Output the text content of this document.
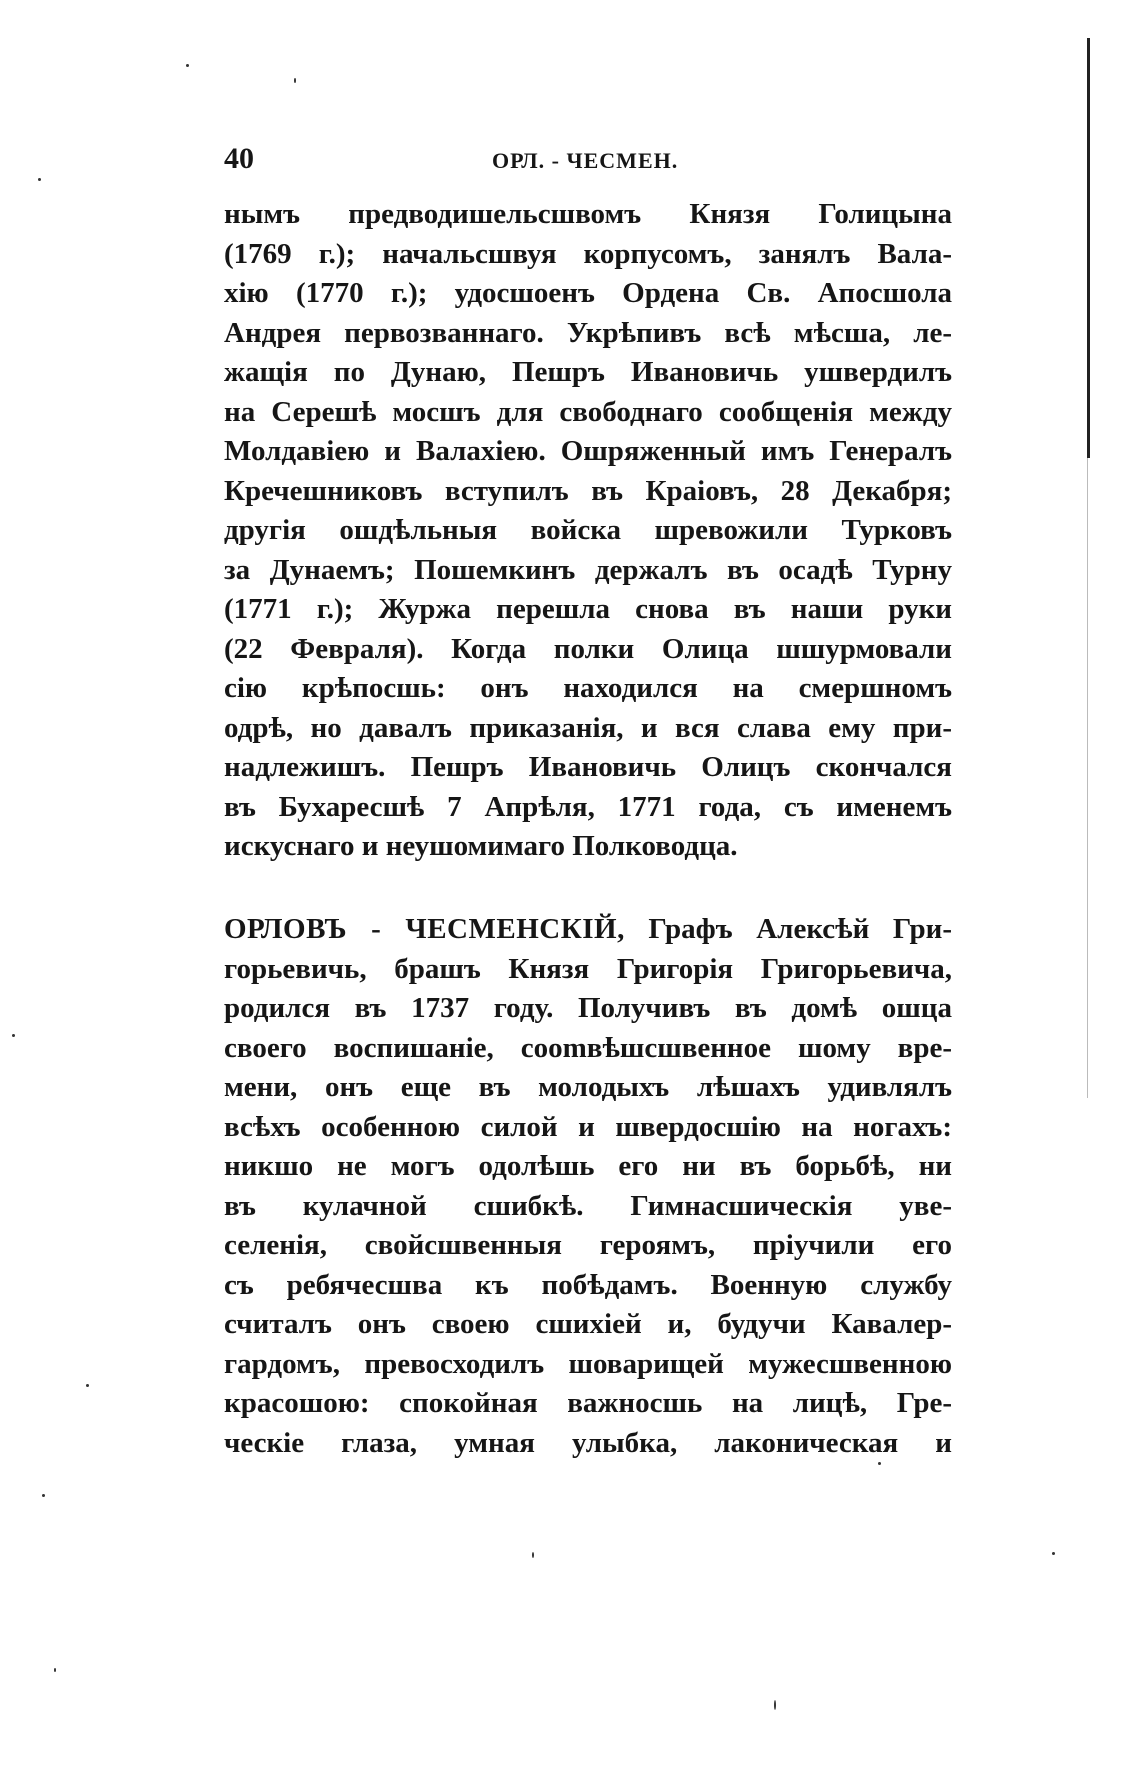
40	ОРЛ. - ЧЕСМЕН.
нымъ предводишельсшвомъ Князя Голицына
(1769 г.); начальсшвуя корпусомъ, занялъ Вала-
хію (1770 г.); удосшоенъ Ордена Св. Апосшола
Андрея первозваннаго. Укрѣпивъ всѣ мѣсша, ле-
жащія по Дунаю, Пешръ Ивановичь ушвердилъ
на Серешѣ мосшъ для свободнаго сообщенія между
Молдавіею и Валахіею. Ошряженный имъ Генералъ
Кречешниковъ вступилъ въ Краіовъ, 28 Декабря;
другія ошдѣльныя войска шревожили Турковъ
за Дунаемъ; Пошемкинъ держалъ въ осадѣ Турну
(1771 г.); Журжа перешла снова въ наши руки
(22 Февраля). Когда полки Олица шшурмовали
сію крѣпосшь: онъ находился на смершномъ
одрѣ, но давалъ приказанія, и вся слава ему при-
надлежишъ. Пешръ Ивановичь Олицъ скончался
въ Бухаресшѣ 7 Апрѣля, 1771 года, съ именемъ
искуснаго и неушомимаго Полководца.
ОРЛОВЪ - ЧЕСМЕНСКІЙ, Графъ Алексѣй Гри-
горьевичь, брашъ Князя Григорія Григорьевича,
родился въ 1737 году. Получивъ въ домѣ ошца
своего воспишаніе, сооmвѣшсшвенное шому вре-
мени, онъ еще въ молодыхъ лѣшахъ удивлялъ
всѣхъ особенною силой и швердосшію на ногахъ:
никшо не могъ одолѣшь его ни въ борьбѣ, ни
въ кулачной сшибкѣ. Гимнасшическія уве-
селенія, свойсшвенныя героямъ, пріучили его
съ ребячесшва къ побѣдамъ. Военную службу
считалъ онъ своею сшихіей и, будучи Кавалер-
гардомъ, превосходилъ шоварищей мужесшвенною
красошою: спокойная важносшь на лицѣ, Гре-
ческіе глаза, умная улыбка, лаконическая и
